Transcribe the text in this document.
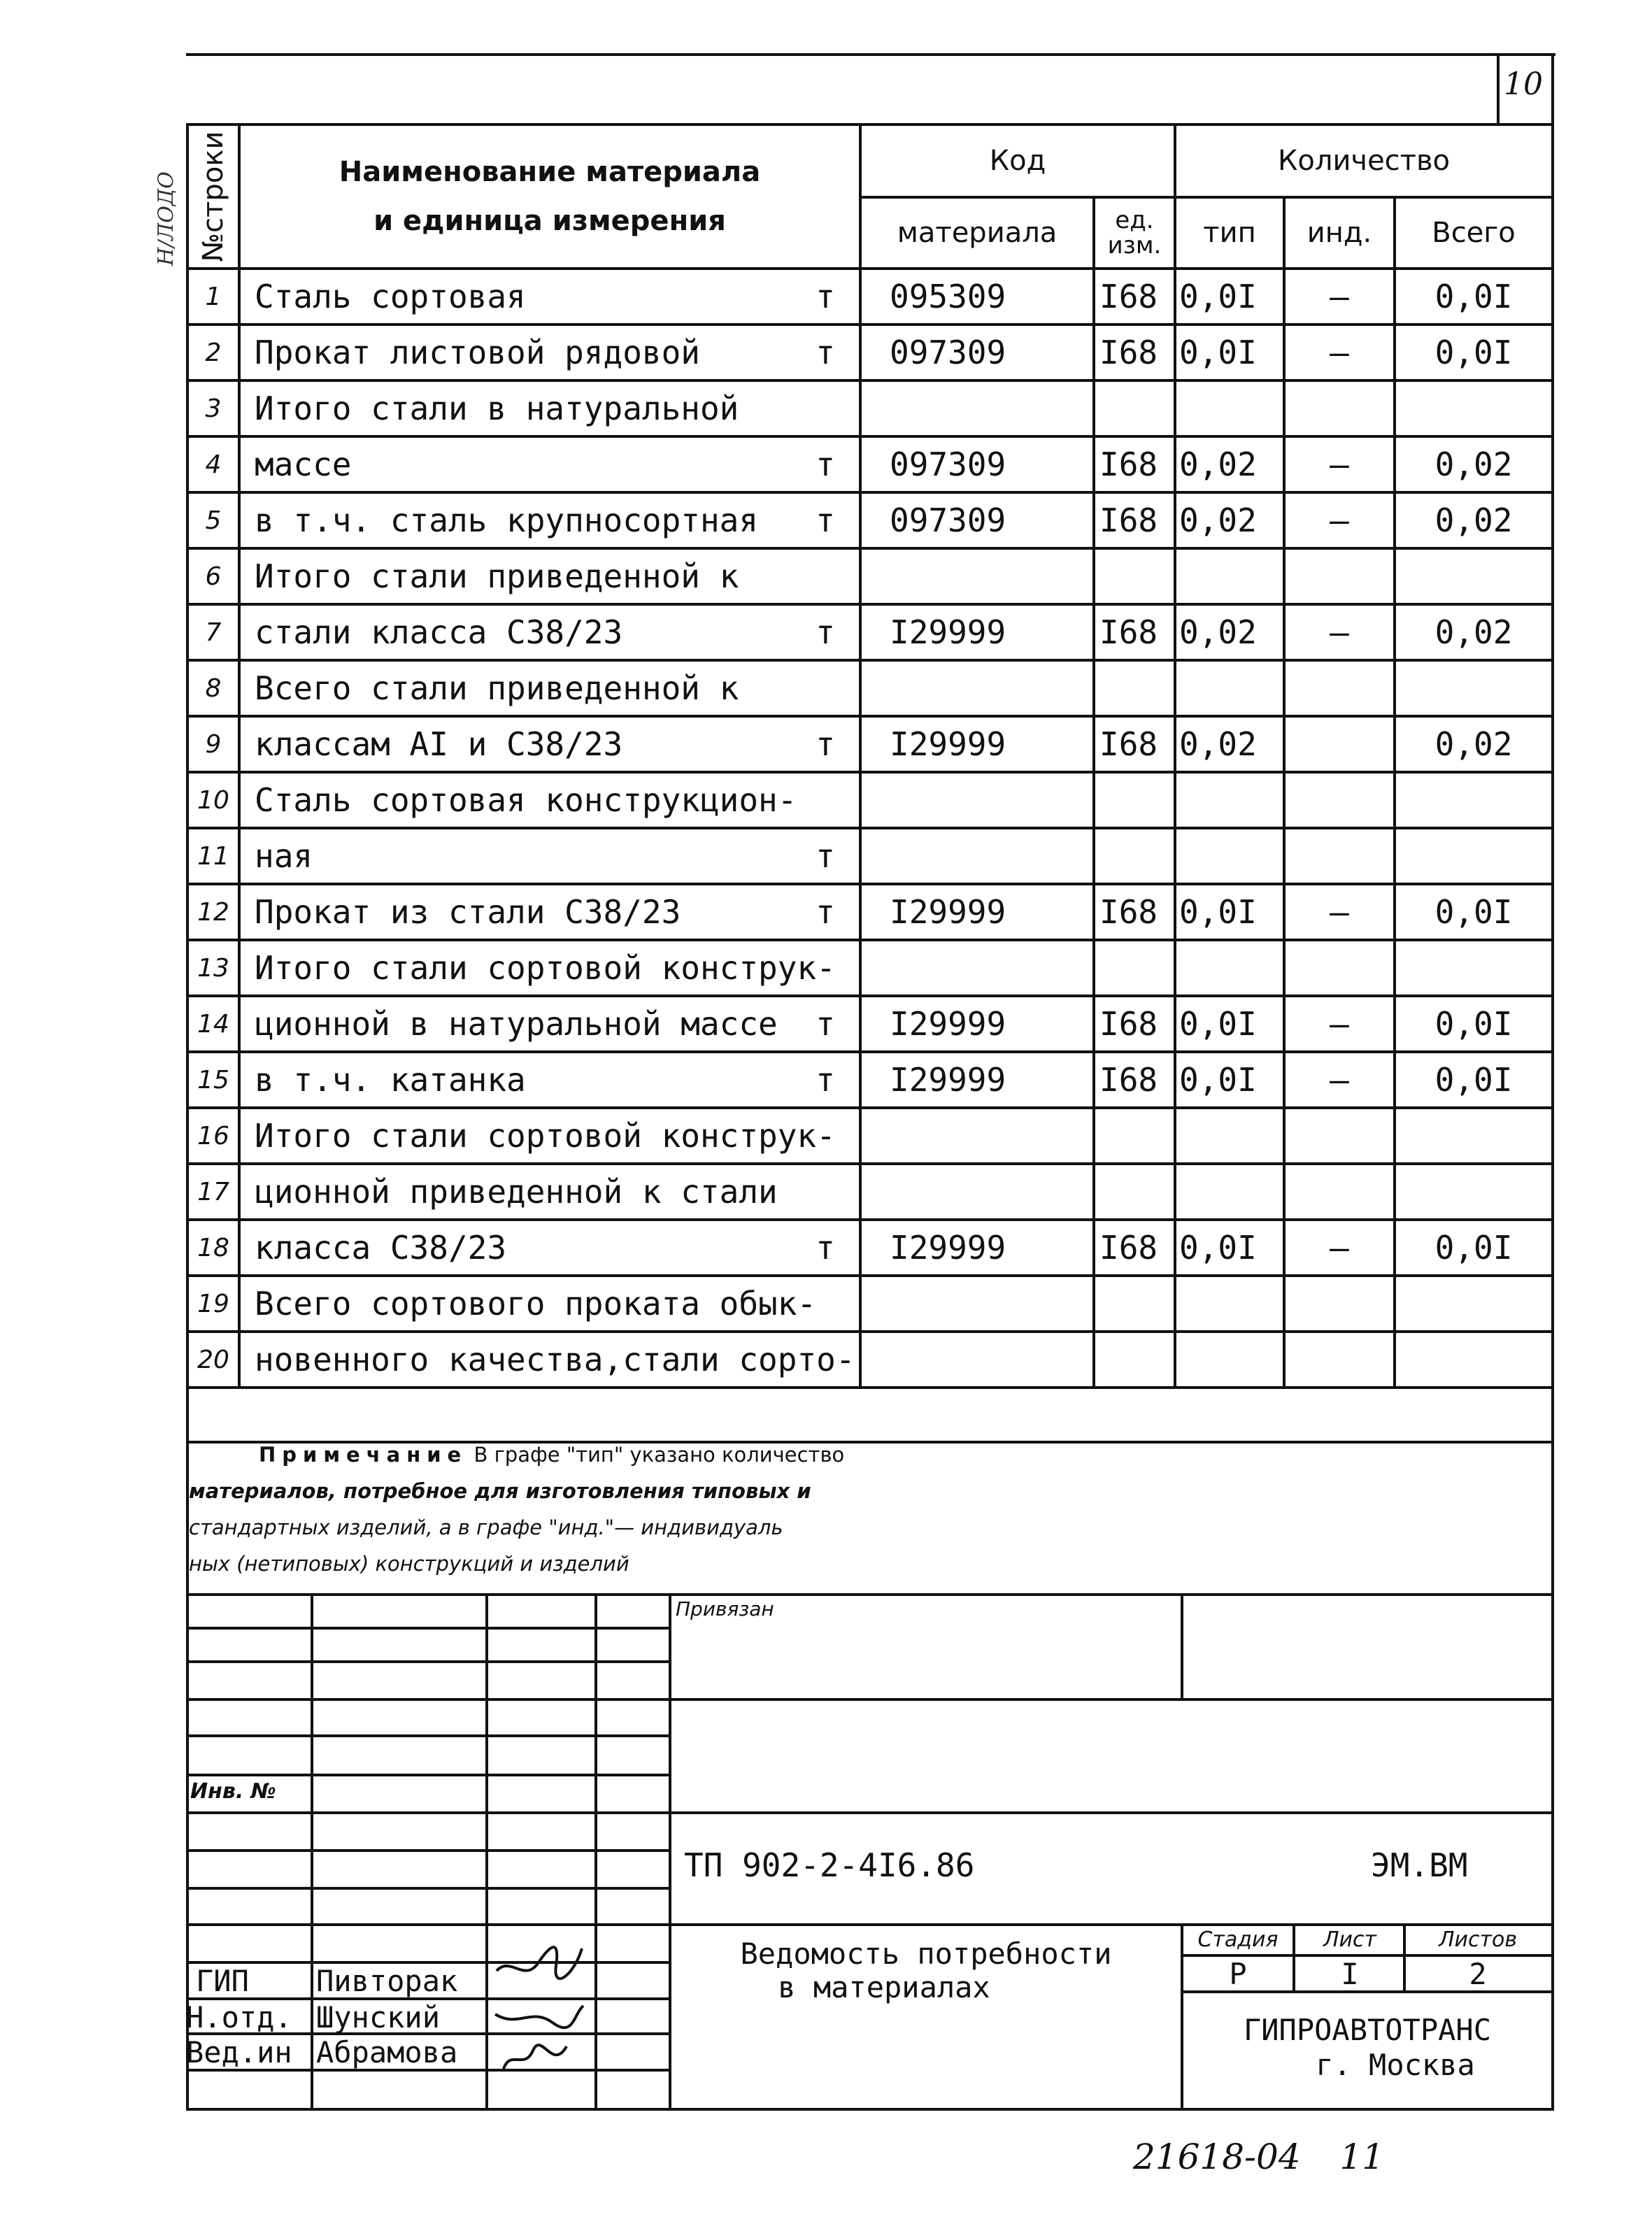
10
Н/ЛОДО №строки	Наименование материала
и единица измерения	Код		Количество		
		материала	ед.
изм.	тип	инд.	Всего
1	Сталь сортовая т	095309	I68	0,0I	–	0,0I
2	Прокат листовой рядовой т	097309	I68	0,0I	–	0,0I
3	Итого стали в натуральной

4	массе т	097309	I68	0,02	–	0,02
5	в т.ч. сталь крупносортная т	097309	I68	0,02	–	0,02
6	Итого стали приведенной к

7	стали класса С38/23 т	I29999	I68	0,02	–	0,02
8	Всего стали приведенной к

9	классам АI и С38/23 т	I29999	I68	0,02		0,02
10	Сталь сортовая конструкцион-

11	ная т					

12	Прокат из стали С38/23 т	I29999	I68	0,0I	–	0,0I
13	Итого стали сортовой конструк-

14	ционной в натуральной массе т	I29999	I68	0,0I	–	0,0I
15	в т.ч. катанка т	I29999	I68	0,0I	–	0,0I
16	Итого стали сортовой конструк-

17	ционной приведенной к стали

18	класса С38/23 т	I29999	I68	0,0I	–	0,0I
19	Всего сортового проката обык-

20	новенного качества,стали сорто-

Примечание В графе "тип" указано количество
материалов, потребное для изготовления типовых и
стандартных изделий, а в графе "инд."— индивидуаль
ных (нетиповых) конструкций и изделий
Привязан
Инв. №
ТП 902-2-4I6.86	ЭМ.ВМ
Стадия	Лист	Листов
Р	I	2
Ведомость потребности
в материалах
ГИПРОАВТОТРАНС
г. Москва
ГИП Пивторак
Н.отд. Шунский
Вед.ин Абрамова
21618-04 11
